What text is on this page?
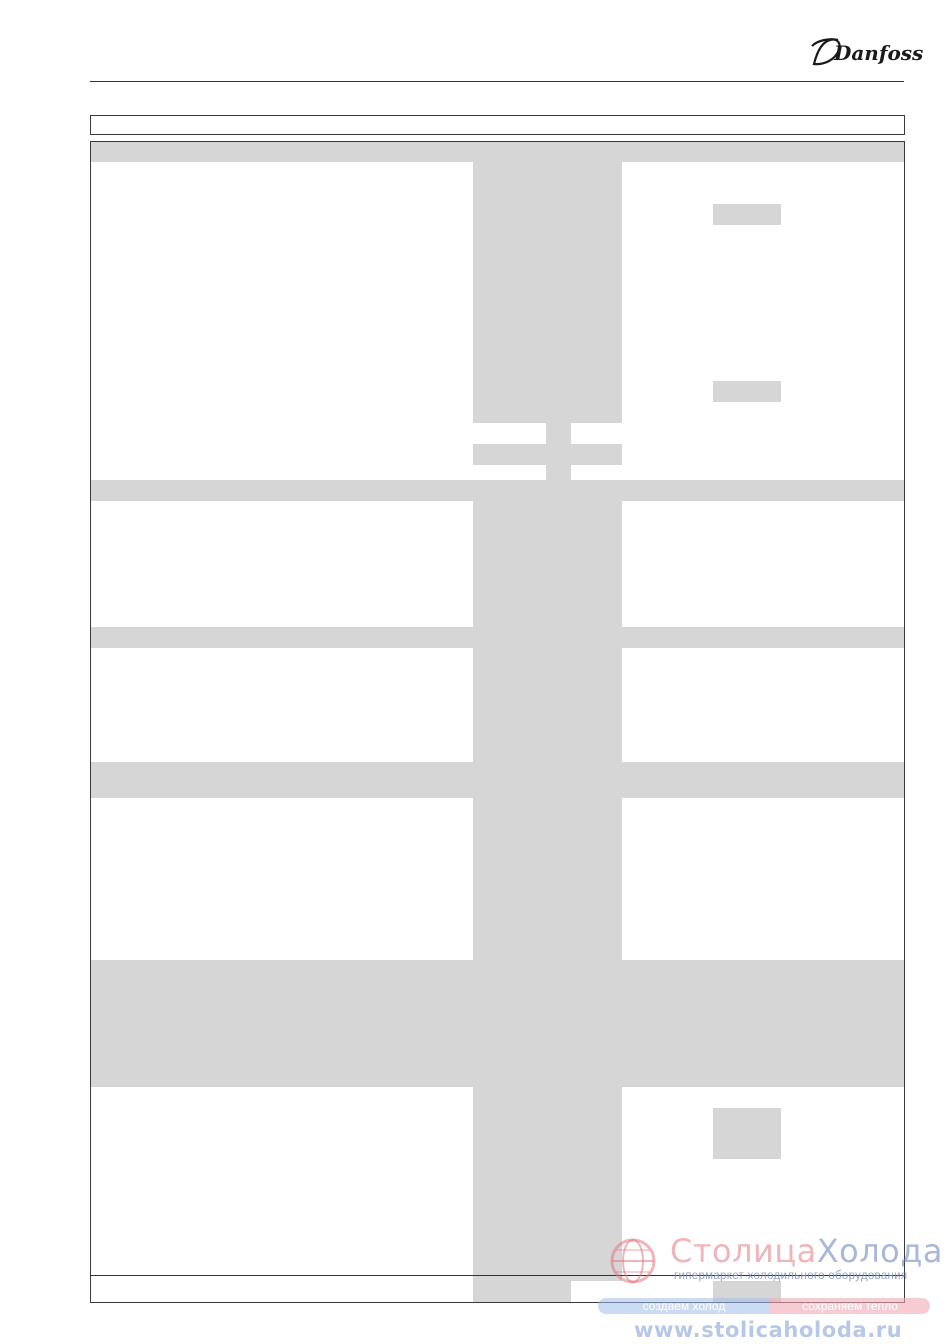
Danfoss
СтолицаХолода
гипермаркет холодильного оборудования
создаем холод	сохраняем тепло
www.stolicaholoda.ru
